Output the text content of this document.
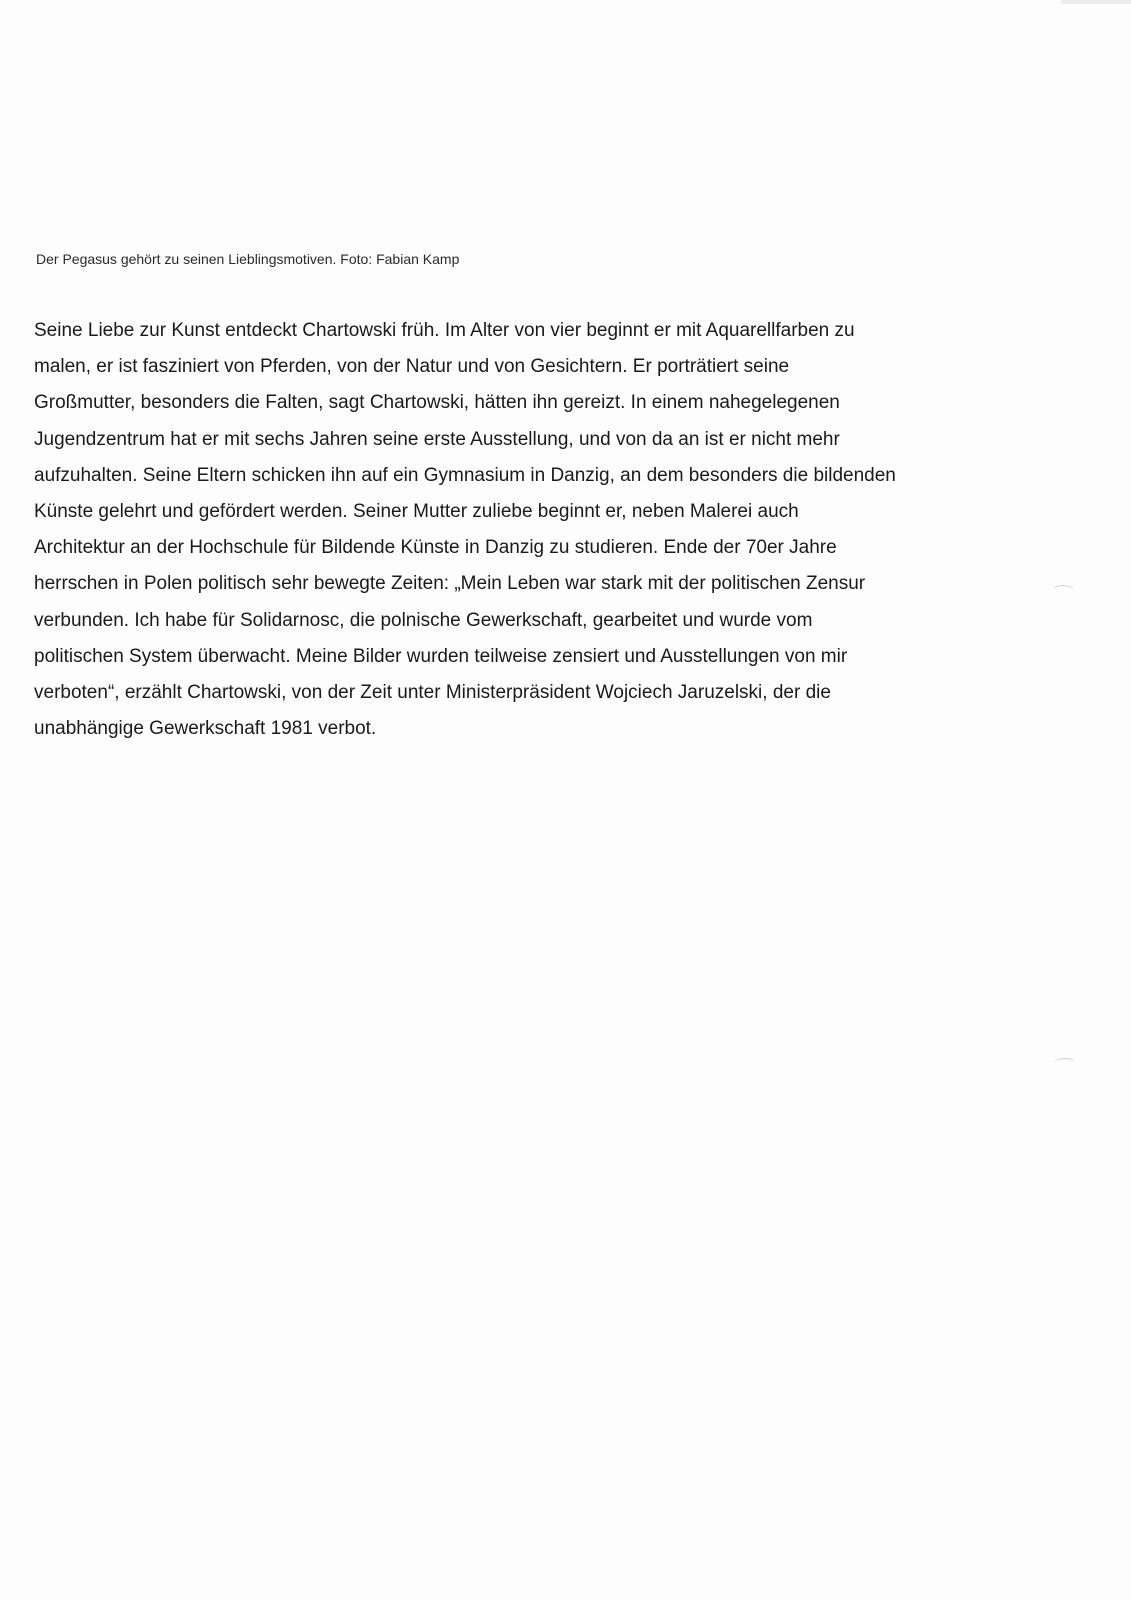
Der Pegasus gehört zu seinen Lieblingsmotiven. Foto: Fabian Kamp
Seine Liebe zur Kunst entdeckt Chartowski früh. Im Alter von vier beginnt er mit Aquarellfarben zu
malen, er ist fasziniert von Pferden, von der Natur und von Gesichtern. Er porträtiert seine
Großmutter, besonders die Falten, sagt Chartowski, hätten ihn gereizt. In einem nahegelegenen
Jugendzentrum hat er mit sechs Jahren seine erste Ausstellung, und von da an ist er nicht mehr
aufzuhalten. Seine Eltern schicken ihn auf ein Gymnasium in Danzig, an dem besonders die bildenden
Künste gelehrt und gefördert werden. Seiner Mutter zuliebe beginnt er, neben Malerei auch
Architektur an der Hochschule für Bildende Künste in Danzig zu studieren. Ende der 70er Jahre
herrschen in Polen politisch sehr bewegte Zeiten: „Mein Leben war stark mit der politischen Zensur
verbunden. Ich habe für Solidarnosc, die polnische Gewerkschaft, gearbeitet und wurde vom
politischen System überwacht. Meine Bilder wurden teilweise zensiert und Ausstellungen von mir
verboten“, erzählt Chartowski, von der Zeit unter Ministerpräsident Wojciech Jaruzelski, der die
unabhängige Gewerkschaft 1981 verbot.
